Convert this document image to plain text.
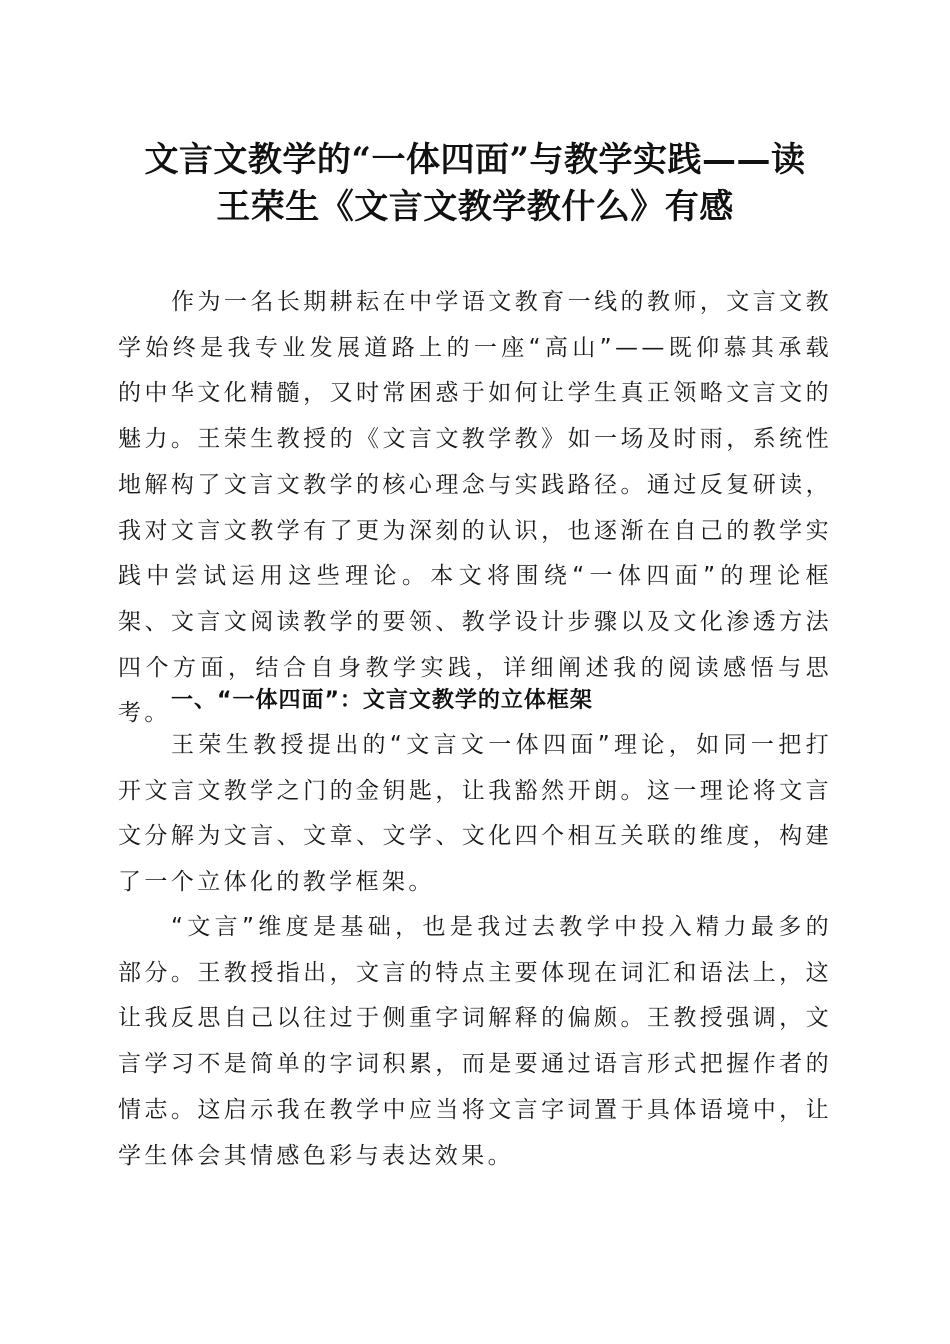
文言文教学的“一体四面”与教学实践——读
王荣生《文言文教学教什么》有感

作为一名长期耕耘在中学语文教育一线的教师，文言文教学始终是我专业发展道路上的一座“高山”——既仰慕其承载的中华文化精髓，又时常困惑于如何让学生真正领略文言文的魅力。王荣生教授的《文言文教学教》如一场及时雨，系统性地解构了文言文教学的核心理念与实践路径。通过反复研读，我对文言文教学有了更为深刻的认识，也逐渐在自己的教学实践中尝试运用这些理论。本文将围绕“一体四面”的理论框架、文言文阅读教学的要领、教学设计步骤以及文化渗透方法四个方面，结合自身教学实践，详细阐述我的阅读感悟与思考。 一、“一体四面”：文言文教学的立体框架

王荣生教授提出的“文言文一体四面”理论，如同一把打开文言文教学之门的金钥匙，让我豁然开朗。这一理论将文言文分解为文言、文章、文学、文化四个相互关联的维度，构建了一个立体化的教学框架。

“文言”维度是基础，也是我过去教学中投入精力最多的部分。王教授指出，文言的特点主要体现在词汇和语法上，这让我反思自己以往过于侧重字词解释的偏颇。王教授强调，文言学习不是简单的字词积累，而是要通过语言形式把握作者的情志。这启示我在教学中应当将文言字词置于具体语境中，让学生体会其情感色彩与表达效果。
